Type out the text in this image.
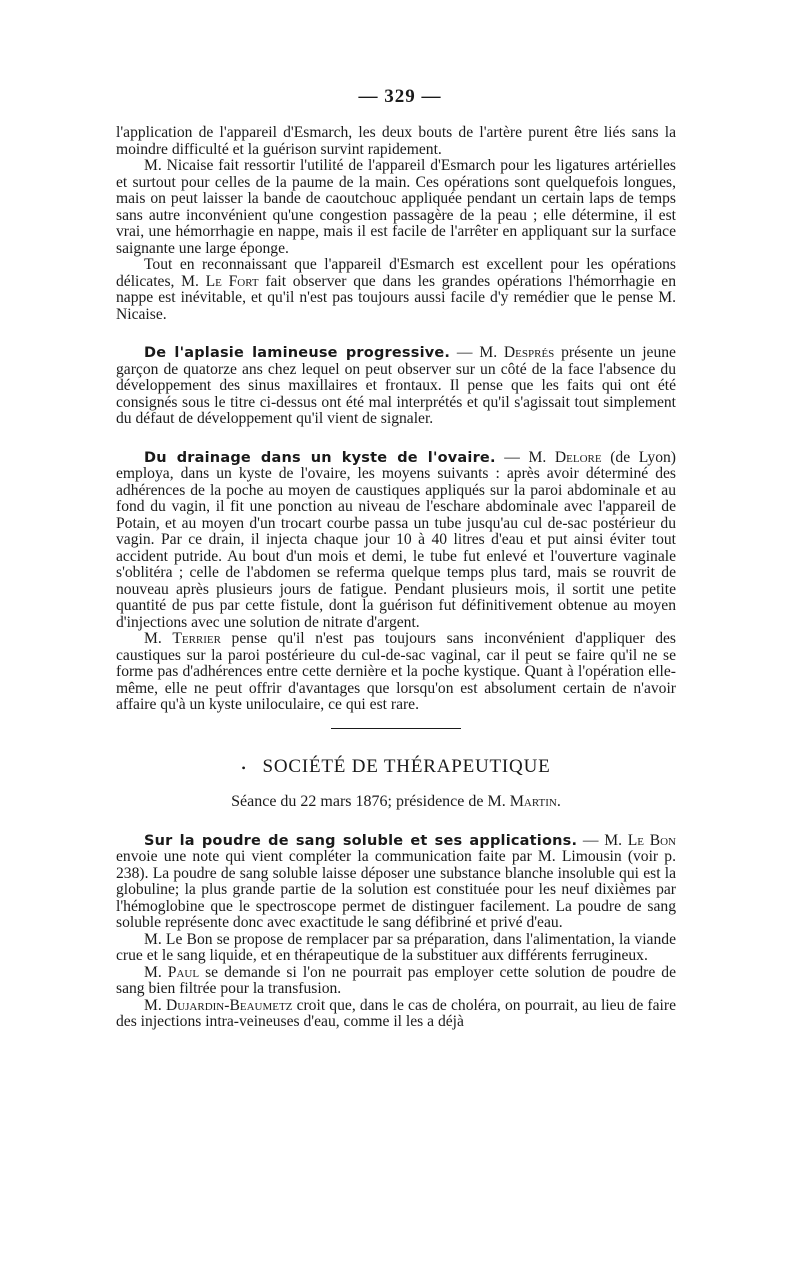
— 329 —

l'application de l'appareil d'Esmarch, les deux bouts de l'artère purent être liés sans la moindre difficulté et la guérison survint rapidement.

M. Nicaise fait ressortir l'utilité de l'appareil d'Esmarch pour les ligatures artérielles et surtout pour celles de la paume de la main. Ces opérations sont quelquefois longues, mais on peut laisser la bande de caoutchouc appliquée pendant un certain laps de temps sans autre inconvénient qu'une congestion passagère de la peau ; elle détermine, il est vrai, une hémorrhagie en nappe, mais il est facile de l'arrêter en appliquant sur la surface saignante une large éponge.

Tout en reconnaissant que l'appareil d'Esmarch est excellent pour les opérations délicates, M. Le Fort fait observer que dans les grandes opérations l'hémorrhagie en nappe est inévitable, et qu'il n'est pas toujours aussi facile d'y remédier que le pense M. Nicaise.

De l'aplasie lamineuse progressive. — M. Després présente un jeune garçon de quatorze ans chez lequel on peut observer sur un côté de la face l'absence du développement des sinus maxillaires et frontaux. Il pense que les faits qui ont été consignés sous le titre ci-dessus ont été mal interprétés et qu'il s'agissait tout simplement du défaut de développement qu'il vient de signaler.

Du drainage dans un kyste de l'ovaire. — M. Delore (de Lyon) employa, dans un kyste de l'ovaire, les moyens suivants : après avoir déterminé des adhérences de la poche au moyen de caustiques appliqués sur la paroi abdominale et au fond du vagin, il fit une ponction au niveau de l'eschare abdominale avec l'appareil de Potain, et au moyen d'un trocart courbe passa un tube jusqu'au cul de-sac postérieur du vagin. Par ce drain, il injecta chaque jour 10 à 40 litres d'eau et put ainsi éviter tout accident putride. Au bout d'un mois et demi, le tube fut enlevé et l'ouverture vaginale s'oblitéra ; celle de l'abdomen se referma quelque temps plus tard, mais se rouvrit de nouveau après plusieurs jours de fatigue. Pendant plusieurs mois, il sortit une petite quantité de pus par cette fistule, dont la guérison fut définitivement obtenue au moyen d'injections avec une solution de nitrate d'argent.

M. Terrier pense qu'il n'est pas toujours sans inconvénient d'appliquer des caustiques sur la paroi postérieure du cul-de-sac vaginal, car il peut se faire qu'il ne se forme pas d'adhérences entre cette dernière et la poche kystique. Quant à l'opération elle-même, elle ne peut offrir d'avantages que lorsqu'on est absolument certain de n'avoir affaire qu'à un kyste uniloculaire, ce qui est rare.

• SOCIÉTÉ DE THÉRAPEUTIQUE
Séance du 22 mars 1876; présidence de M. Martin.

Sur la poudre de sang soluble et ses applications. — M. Le Bon envoie une note qui vient compléter la communication faite par M. Limousin (voir p. 238). La poudre de sang soluble laisse déposer une substance blanche insoluble qui est la globuline; la plus grande partie de la solution est constituée pour les neuf dixièmes par l'hémoglobine que le spectroscope permet de distinguer facilement. La poudre de sang soluble représente donc avec exactitude le sang défibriné et privé d'eau.

M. Le Bon se propose de remplacer par sa préparation, dans l'alimentation, la viande crue et le sang liquide, et en thérapeutique de la substituer aux différents ferrugineux.

M. Paul se demande si l'on ne pourrait pas employer cette solution de poudre de sang bien filtrée pour la transfusion.

M. Dujardin-Beaumetz croit que, dans le cas de choléra, on pourrait, au lieu de faire des injections intra-veineuses d'eau, comme il les a déjà
